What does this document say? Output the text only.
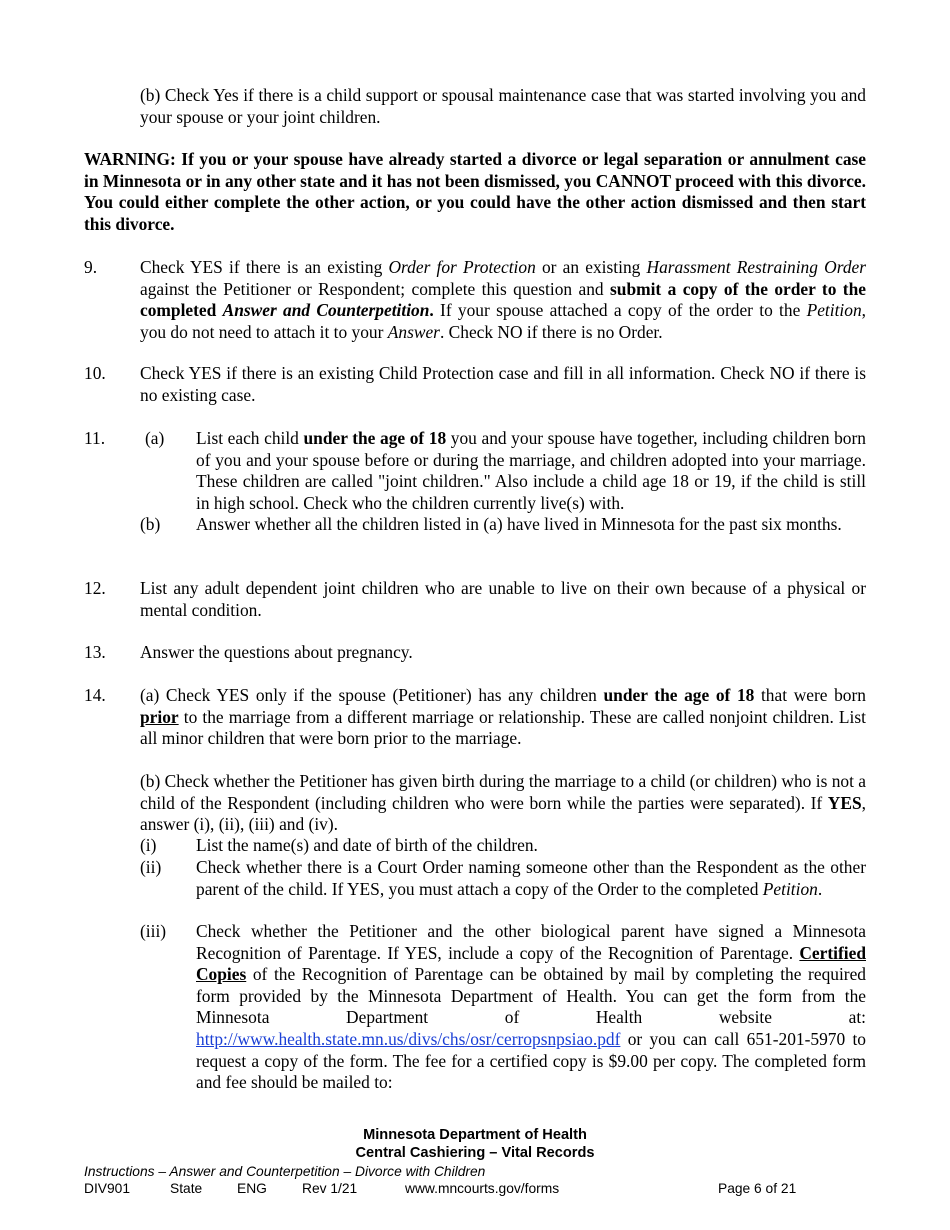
(b) Check Yes if there is a child support or spousal maintenance case that was started involving you and your spouse or your joint children.
WARNING: If you or your spouse have already started a divorce or legal separation or annulment case in Minnesota or in any other state and it has not been dismissed, you CANNOT proceed with this divorce. You could either complete the other action, or you could have the other action dismissed and then start this divorce.
9. Check YES if there is an existing Order for Protection or an existing Harassment Restraining Order against the Petitioner or Respondent; complete this question and submit a copy of the order to the completed Answer and Counterpetition. If your spouse attached a copy of the order to the Petition, you do not need to attach it to your Answer. Check NO if there is no Order.
10. Check YES if there is an existing Child Protection case and fill in all information. Check NO if there is no existing case.
11. (a) List each child under the age of 18 you and your spouse have together, including children born of you and your spouse before or during the marriage, and children adopted into your marriage. These children are called "joint children." Also include a child age 18 or 19, if the child is still in high school. Check who the children currently live(s) with.
(b) Answer whether all the children listed in (a) have lived in Minnesota for the past six months.
12. List any adult dependent joint children who are unable to live on their own because of a physical or mental condition.
13. Answer the questions about pregnancy.
14. (a) Check YES only if the spouse (Petitioner) has any children under the age of 18 that were born prior to the marriage from a different marriage or relationship. These are called nonjoint children. List all minor children that were born prior to the marriage.
(b) Check whether the Petitioner has given birth during the marriage to a child (or children) who is not a child of the Respondent (including children who were born while the parties were separated). If YES, answer (i), (ii), (iii) and (iv).
(i) List the name(s) and date of birth of the children.
(ii) Check whether there is a Court Order naming someone other than the Respondent as the other parent of the child. If YES, you must attach a copy of the Order to the completed Petition.
(iii) Check whether the Petitioner and the other biological parent have signed a Minnesota Recognition of Parentage. If YES, include a copy of the Recognition of Parentage. Certified Copies of the Recognition of Parentage can be obtained by mail by completing the required form provided by the Minnesota Department of Health. You can get the form from the Minnesota Department of Health website at: http://www.health.state.mn.us/divs/chs/osr/cerropsnpsiao.pdf or you can call 651-201-5970 to request a copy of the form. The fee for a certified copy is $9.00 per copy. The completed form and fee should be mailed to:
Minnesota Department of Health
Central Cashiering – Vital Records
Instructions – Answer and Counterpetition – Divorce with Children
DIV901	State	ENG	Rev 1/21	www.mncourts.gov/forms	Page 6 of 21
